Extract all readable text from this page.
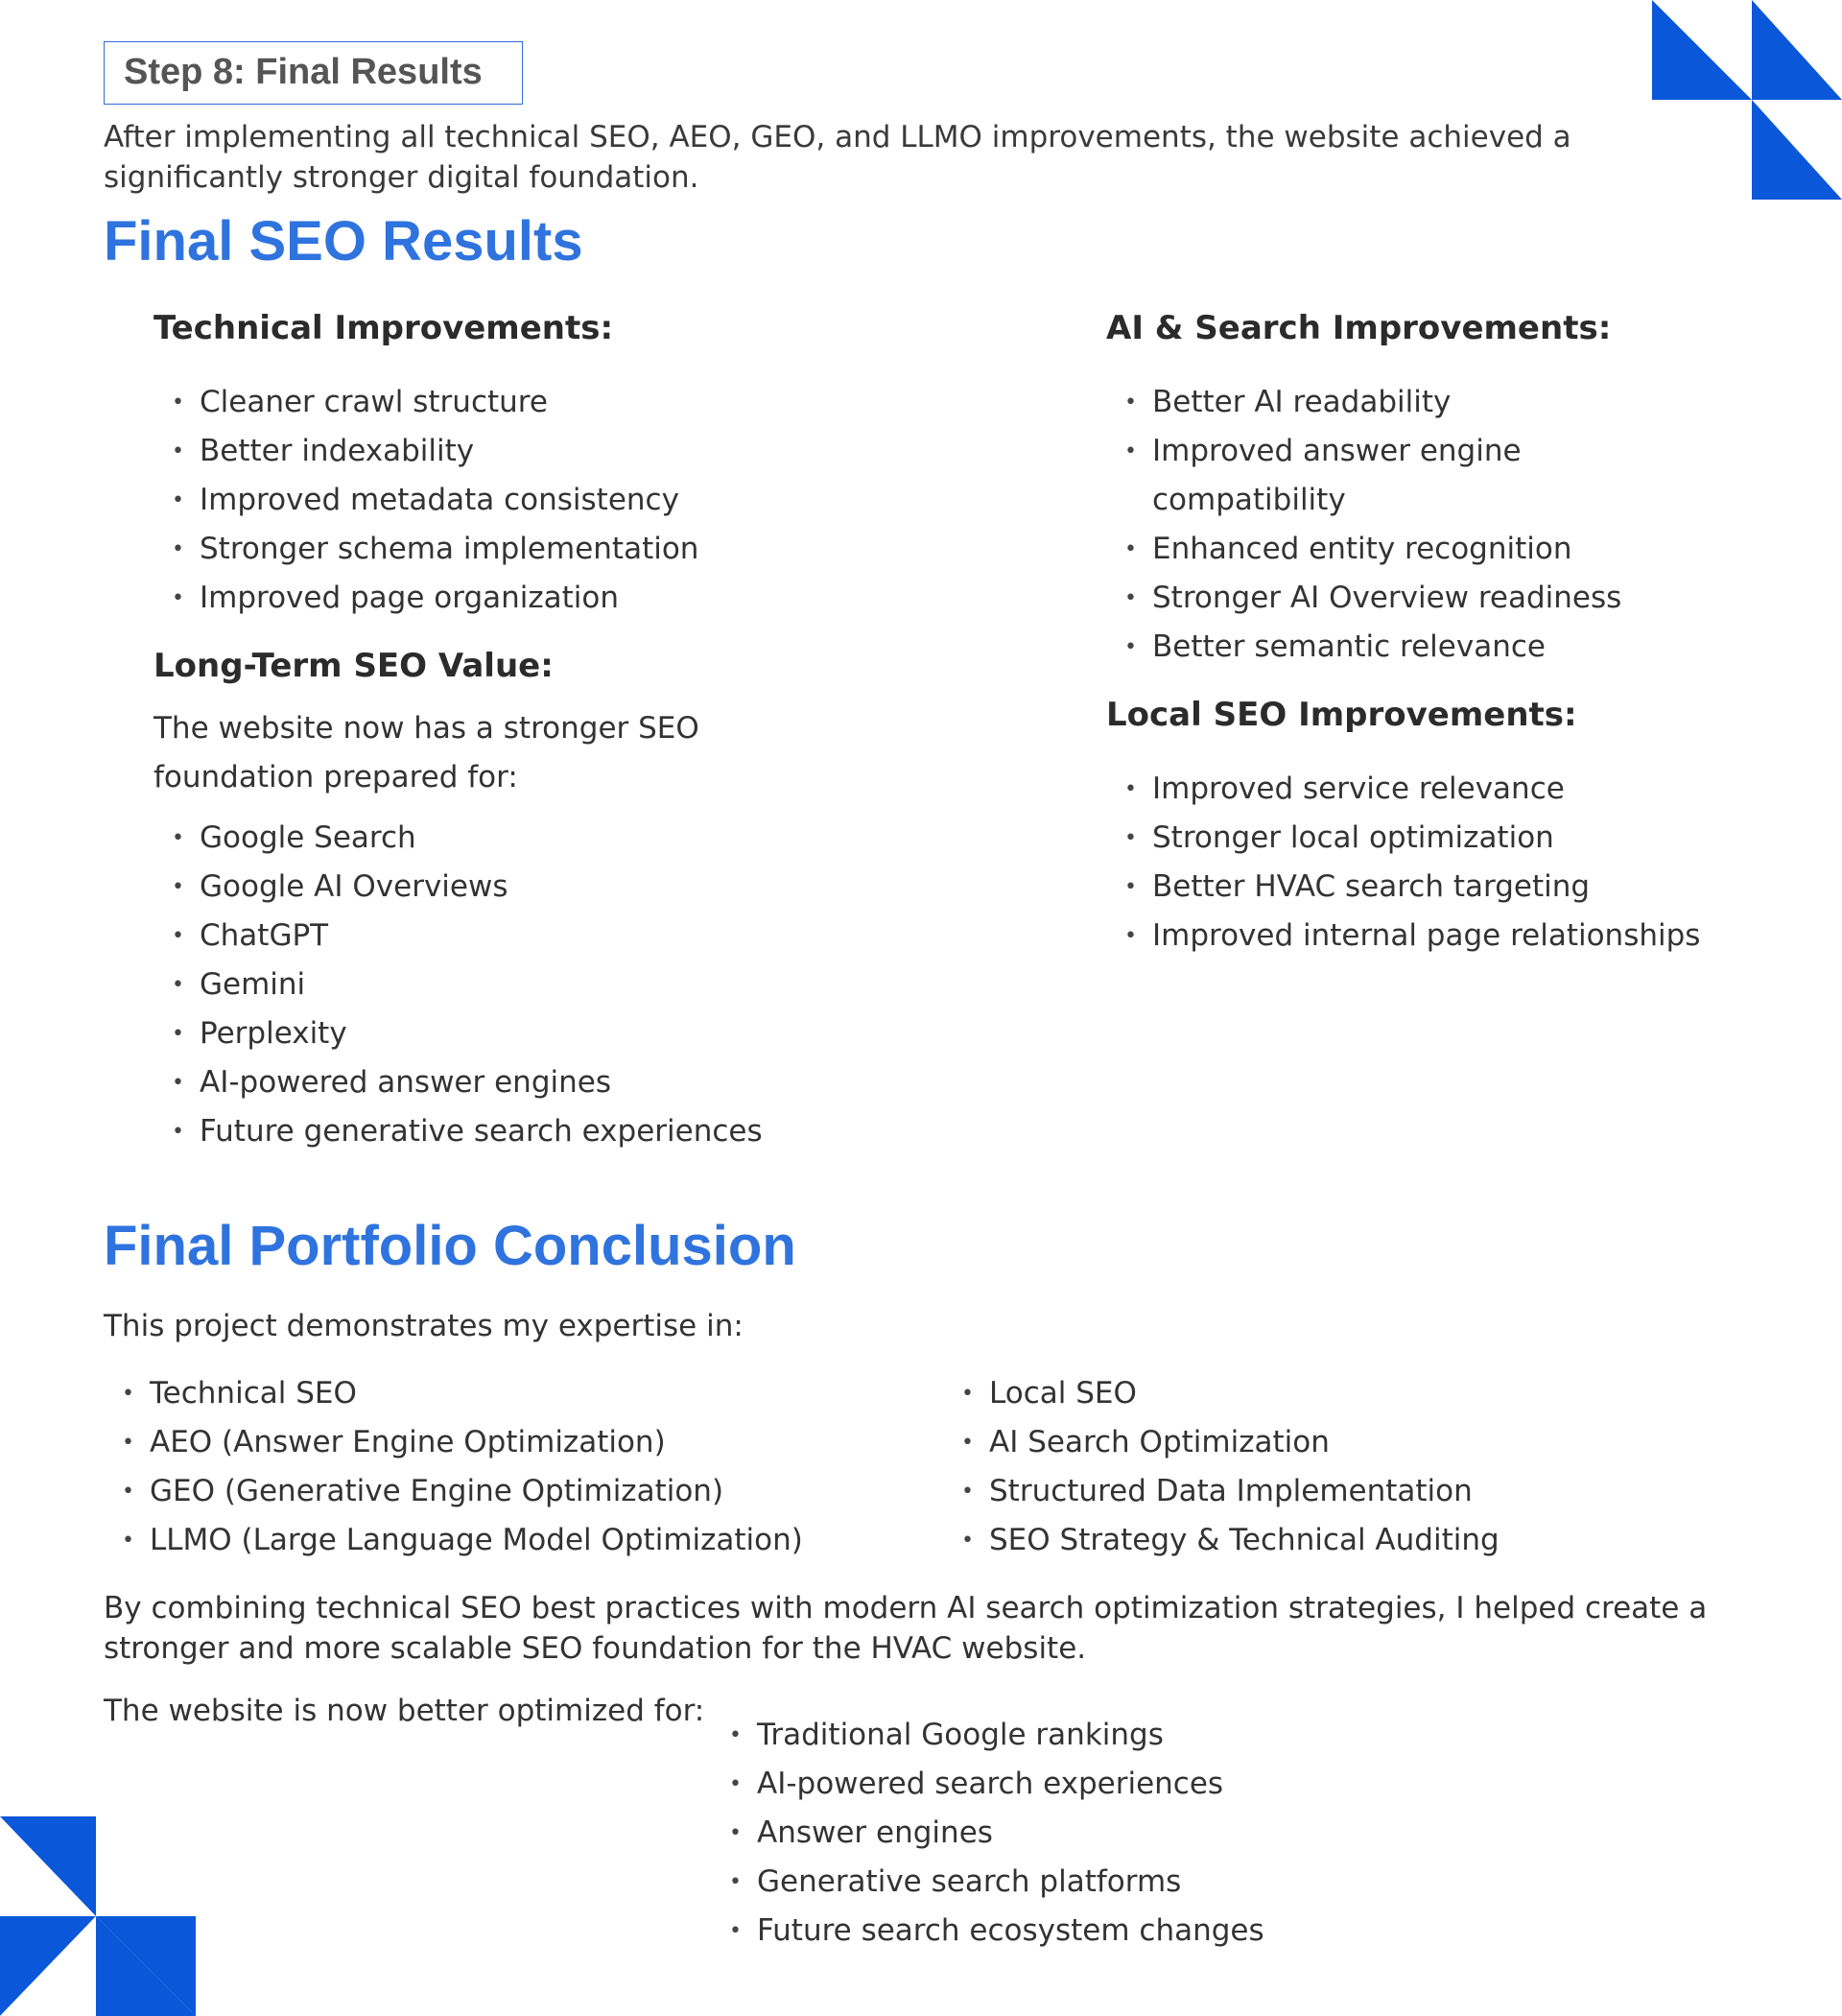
Step 8: Final Results
After implementing all technical SEO, AEO, GEO, and LLMO improvements, the website achieved a significantly stronger digital foundation.
Final SEO Results
Technical Improvements:
• Cleaner crawl structure
• Better indexability
• Improved metadata consistency
• Stronger schema implementation
• Improved page organization
Long-Term SEO Value:
The website now has a stronger SEO
foundation prepared for:
• Google Search
• Google AI Overviews
• ChatGPT
• Gemini
• Perplexity
• AI-powered answer engines
• Future generative search experiences
AI & Search Improvements:
• Better AI readability
• Improved answer engine
compatibility
• Enhanced entity recognition
• Stronger AI Overview readiness
• Better semantic relevance
Local SEO Improvements:
• Improved service relevance
• Stronger local optimization
• Better HVAC search targeting
• Improved internal page relationships
Final Portfolio Conclusion
This project demonstrates my expertise in:
• Technical SEO
• AEO (Answer Engine Optimization)
• GEO (Generative Engine Optimization)
• LLMO (Large Language Model Optimization)
• Local SEO
• AI Search Optimization
• Structured Data Implementation
• SEO Strategy & Technical Auditing
By combining technical SEO best practices with modern AI search optimization strategies, I helped create a stronger and more scalable SEO foundation for the HVAC website.
The website is now better optimized for:
• Traditional Google rankings
• AI-powered search experiences
• Answer engines
• Generative search platforms
• Future search ecosystem changes
